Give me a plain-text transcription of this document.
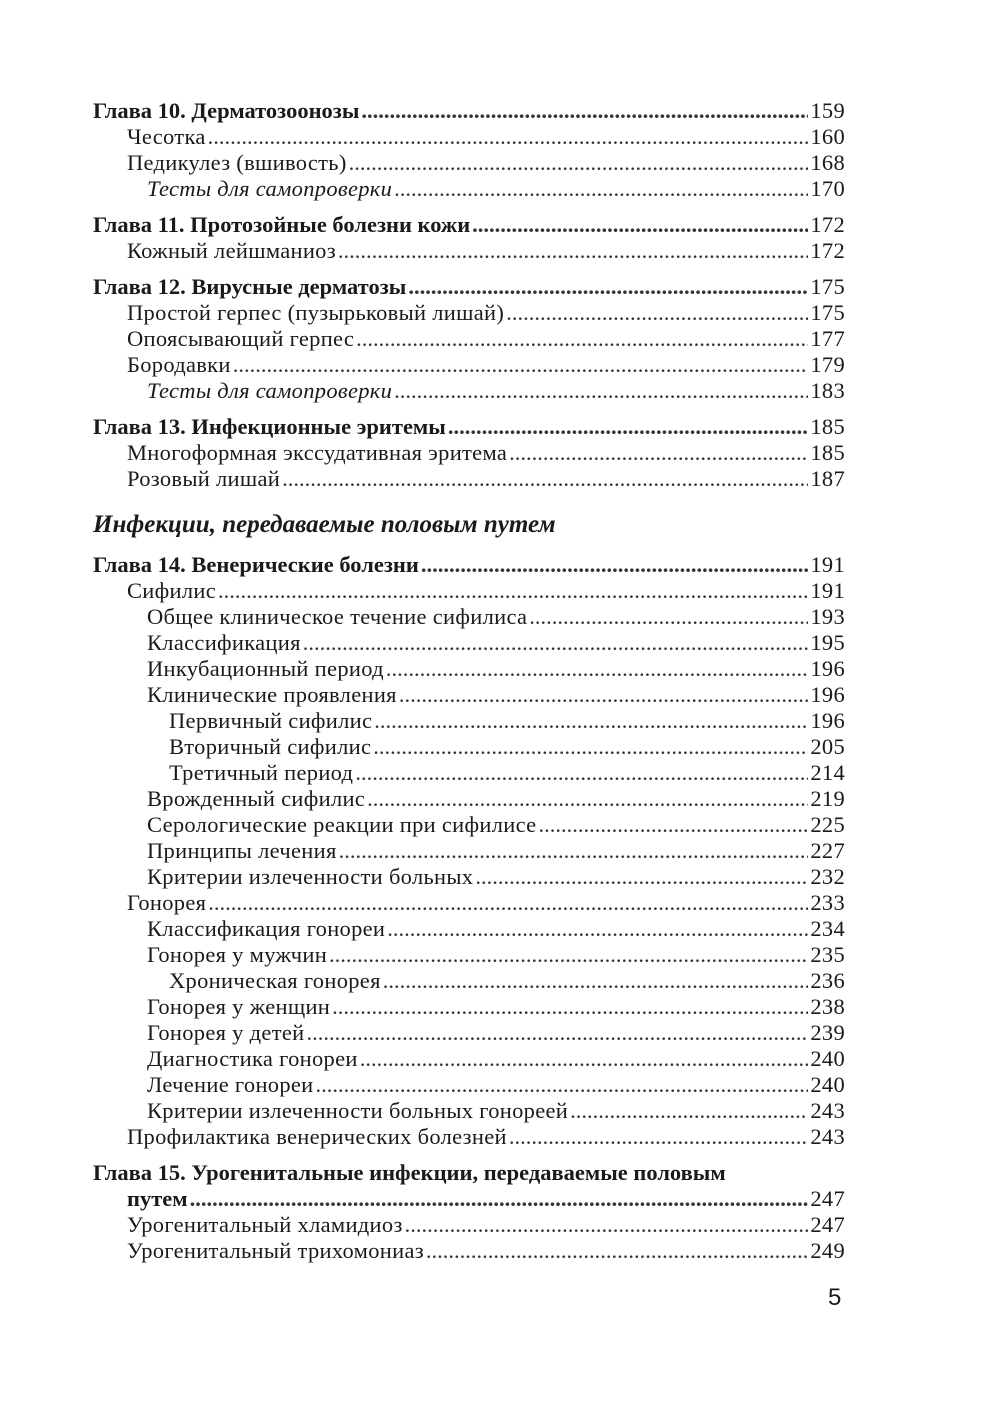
Глава 10. Дерматозоонозы .....	159
Чесотка .....	160
Педикулез (вшивость) .....	168
Тесты для самопроверки .....	170
Глава 11. Протозойные болезни кожи .....	172
Кожный лейшманиоз .....	172
Глава 12. Вирусные дерматозы .....	175
Простой герпес (пузырьковый лишай) .....	175
Опоясывающий герпес .....	177
Бородавки .....	179
Тесты для самопроверки .....	183
Глава 13. Инфекционные эритемы .....	185
Многоформная экссудативная эритема .....	185
Розовый лишай .....	187
Инфекции, передаваемые половым путем
Глава 14. Венерические болезни .....	191
Сифилис .....	191
Общее клиническое течение сифилиса .....	193
Классификация .....	195
Инкубационный период .....	196
Клинические проявления .....	196
Первичный сифилис .....	196
Вторичный сифилис .....	205
Третичный период .....	214
Врожденный сифилис .....	219
Серологические реакции при сифилисе .....	225
Принципы лечения .....	227
Критерии излеченности больных .....	232
Гонорея .....	233
Классификация гонореи .....	234
Гонорея у мужчин .....	235
Хроническая гонорея .....	236
Гонорея у женщин .....	238
Гонорея у детей .....	239
Диагностика гонореи .....	240
Лечение гонореи .....	240
Критерии излеченности больных гонореей .....	243
Профилактика венерических болезней .....	243
Глава 15. Урогенитальные инфекции, передаваемые половым
путем .....	247
Урогенитальный хламидиоз .....	247
Урогенитальный трихомониаз .....	249
5
